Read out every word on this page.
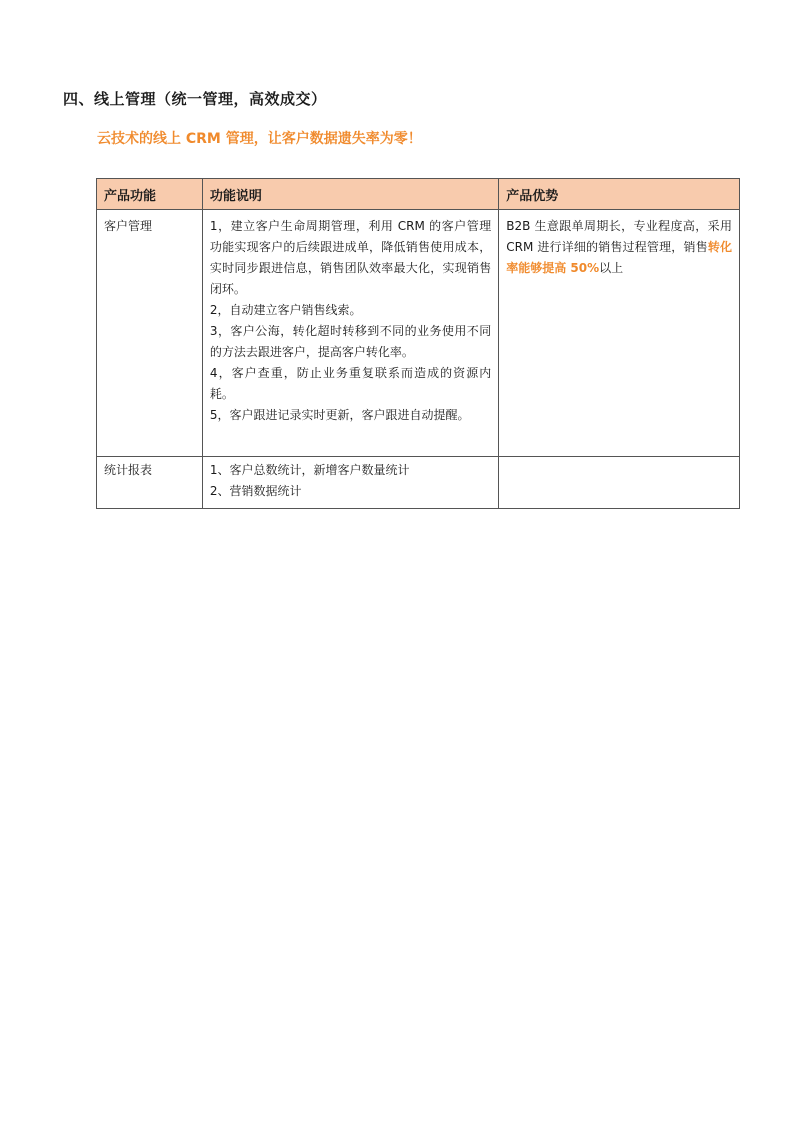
四、线上管理（统一管理，高效成交）
云技术的线上 CRM 管理，让客户数据遗失率为零！
产品功能	功能说明	产品优势
客户管理	1，建立客户生命周期管理，利用 CRM 的客户管理功能实现客户的后续跟进成单，降低销售使用成本，实时同步跟进信息，销售团队效率最大化，实现销售闭环。
2，自动建立客户销售线索。
3，客户公海，转化超时转移到不同的业务使用不同的方法去跟进客户，提高客户转化率。
4，客户查重，防止业务重复联系而造成的资源内耗。
5，客户跟进记录实时更新，客户跟进自动提醒。	B2B 生意跟单周期长，专业程度高，采用 CRM 进行详细的销售过程管理，销售转化率能够提高 50%以上
统计报表	1、客户总数统计，新增客户数量统计
2、营销数据统计	
